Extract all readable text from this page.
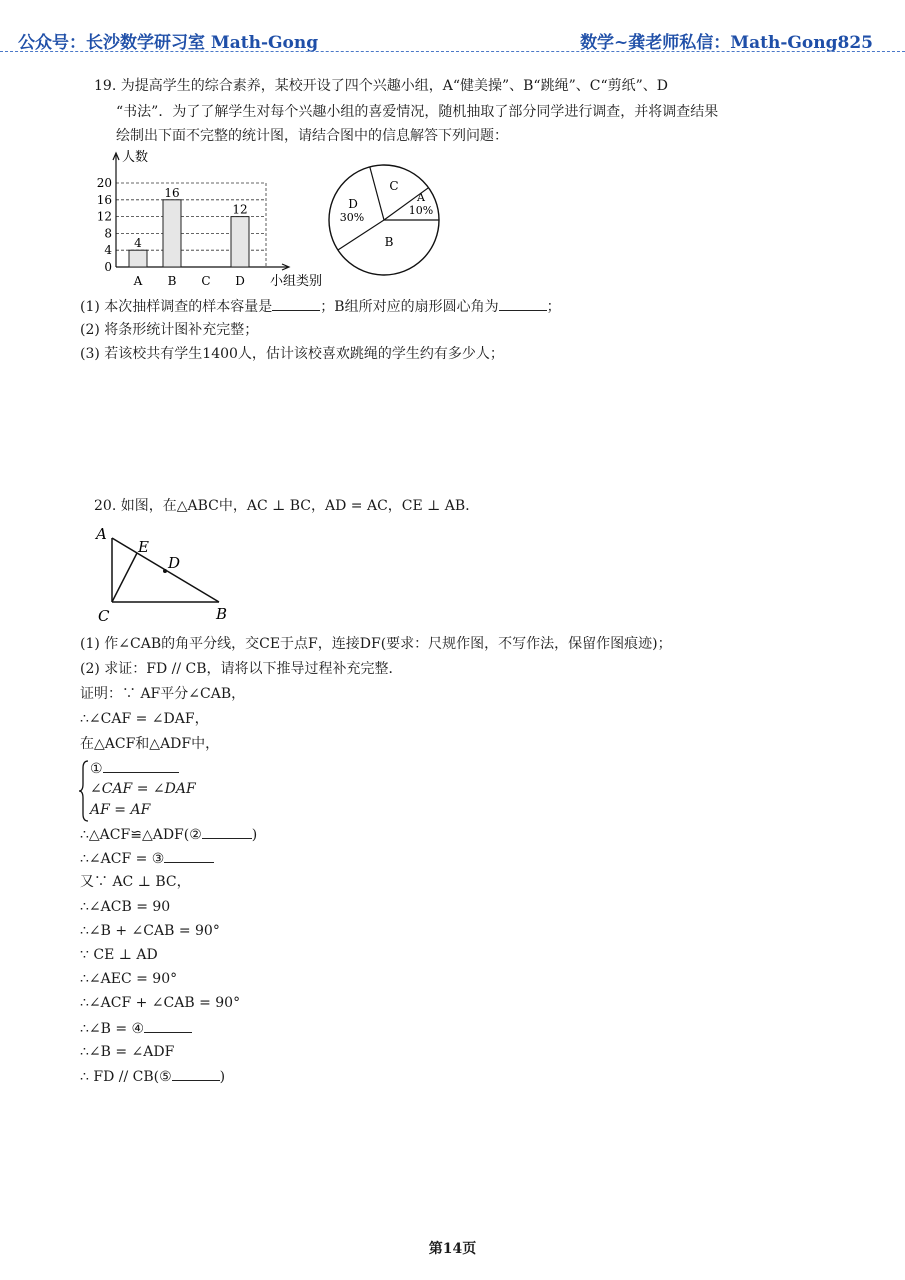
公众号：长沙数学研习室 Math-Gong	数学~龚老师私信：Math-Gong825
19. 为提高学生的综合素养，某校开设了四个兴趣小组，A“健美操”、B“跳绳”、C“剪纸”、D
“书法”．为了了解学生对每个兴趣小组的喜爱情况，随机抽取了部分同学进行调查，并将调查结果
绘制出下面不完整的统计图，请结合图中的信息解答下列问题：
0
4
8
12
16
20
人数
小组类别
4
A
16
B C
12
D
A
10%
C
D
30%
B
(1) 本次抽样调查的样本容量是	；B组所对应的扇形圆心角为	；
(2) 将条形统计图补充完整；
(3) 若该校共有学生1400人，估计该校喜欢跳绳的学生约有多少人；
20. 如图，在△ABC中，AC ⊥ BC，AD = AC，CE ⊥ AB．
A
E
D
C	B
(1) 作∠CAB的角平分线，交CE于点F，连接DF(要求：尺规作图，不写作法，保留作图痕迹)；
(2) 求证：FD // CB，请将以下推导过程补充完整．
证明：∵ AF平分∠CAB，
∴∠CAF = ∠DAF，
在△ACF和△ADF中，
①
∠CAF = ∠DAF
AF = AF
∴△ACF≌△ADF(②	)
∴∠ACF = ③
又∵ AC ⊥ BC，
∴∠ACB = 90
∴∠B + ∠CAB = 90°
∵ CE ⊥ AD
∴∠AEC = 90°
∴∠ACF + ∠CAB = 90°
∴∠B = ④
∴∠B = ∠ADF
∴ FD // CB(⑤	)
第14页
